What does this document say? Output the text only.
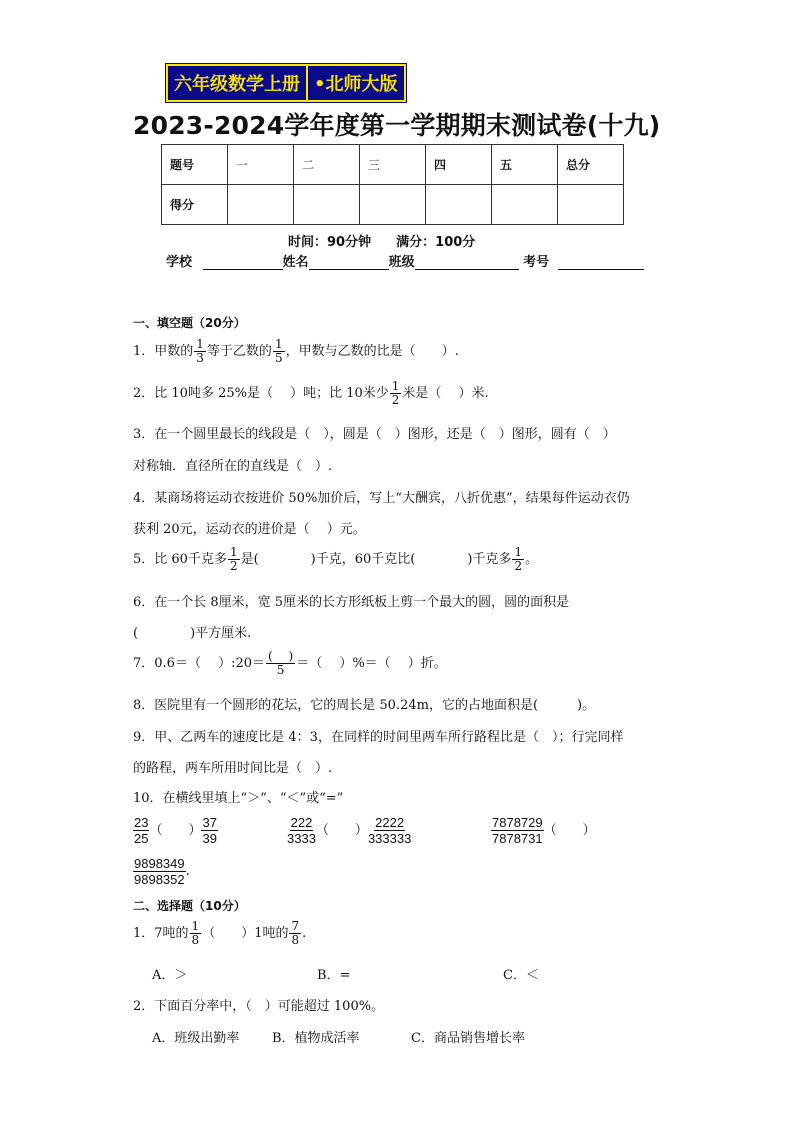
六年级数学上册 •北师大版
2023-2024学年度第一学期期末测试卷(十九)
题号	一	二	三	四	五	总分
得分						
时间：90分钟 满分：100分
学校	姓名	班级	考号
一、填空题（20分）
1．甲数的 $\frac{1}{3}$ 等于乙数的 $\frac{1}{5}$ ，甲数与乙数的比是（　　）.
2．比 10吨多 25%是（　 ）吨；比 10米少 $\frac{1}{2}$ 米是（　 ）米.
3．在一个圆里最长的线段是（　），圆是（　）图形，还是（　）图形，圆有（　）
对称轴．直径所在的直线是（　）.
4．某商场将运动衣按进价 50%加价后，写上“大酬宾，八折优惠”，结果每件运动衣仍
获利 20元，运动衣的进价是（　 ）元。
5．比 60千克多 $\frac{1}{2}$ 是(　　　　)千克，60千克比(　　　　)千克多 $\frac{1}{2}$ 。
6．在一个长 8厘米，宽 5厘米的长方形纸板上剪一个最大的圆，圆的面积是
(　　　　)平方厘米.
7．0.6＝（　 ）:20＝ $\frac{( )}{5}$ ＝（　 ）%＝（　 ）折。
8．医院里有一个圆形的花坛，它的周长是 50.24m，它的占地面积是(　　　)。
9．甲、乙两车的速度比是 4：3，在同样的时间里两车所行路程比是（　）；行完同样
的路程，两车所用时间比是（　）.
10．在横线里填上“＞”、“＜”或“=”
$\frac{23}{25}$ （　　） $\frac{37}{39}$	$\frac{222}{3333}$ （　　） $\frac{2222}{333333}$	$\frac{7878729}{7878731}$ （　　）
$\frac{9898349}{9898352}$ .
二、选择题（10分）
1．7吨的 $\frac{1}{8}$ （　　）1吨的 $\frac{7}{8}$ .
A．＞	B．=	C．＜
2．下面百分率中，（　）可能超过 100%。
A．班级出勤率	B．植物成活率	C．商品销售增长率
